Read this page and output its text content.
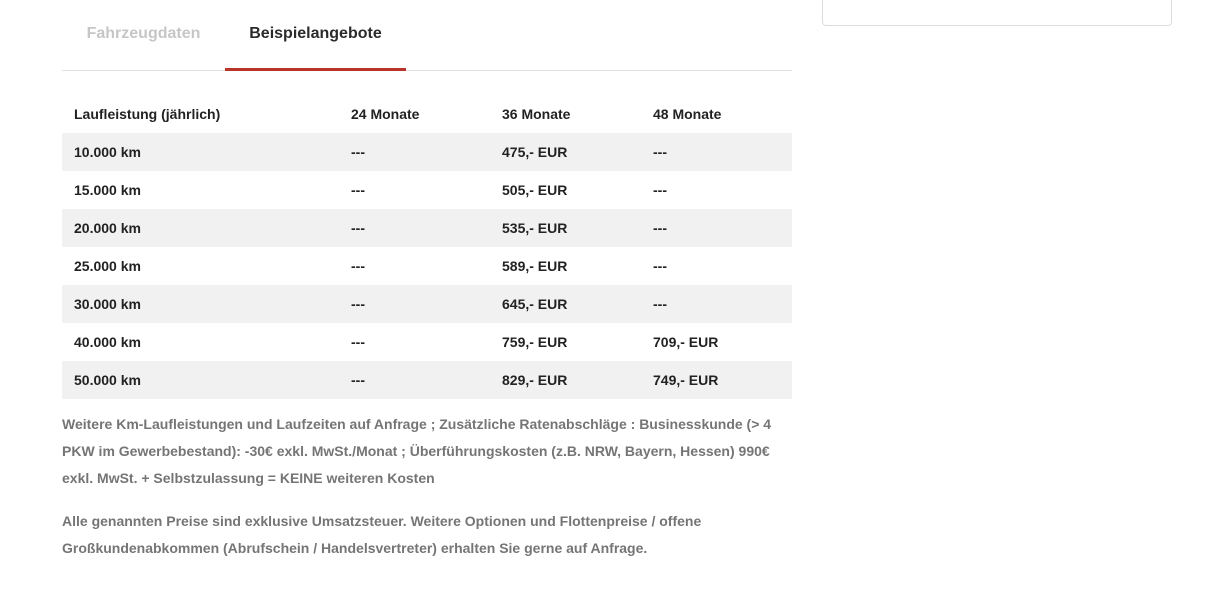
Fahrzeugdaten	Beispielangebote
Laufleistung (jährlich)	24 Monate	36 Monate	48 Monate
10.000 km	---	475,- EUR	---
15.000 km	---	505,- EUR	---
20.000 km	---	535,- EUR	---
25.000 km	---	589,- EUR	---
30.000 km	---	645,- EUR	---
40.000 km	---	759,- EUR	709,- EUR
50.000 km	---	829,- EUR	749,- EUR

Weitere Km-Laufleistungen und Laufzeiten auf Anfrage ; Zusätzliche Ratenabschläge : Businesskunde (> 4 PKW im Gewerbebestand): -30€ exkl. MwSt./Monat ; Überführungskosten (z.B. NRW, Bayern, Hessen) 990€ exkl. MwSt. + Selbstzulassung = KEINE weiteren Kosten

Alle genannten Preise sind exklusive Umsatzsteuer. Weitere Optionen und Flottenpreise / offene Großkundenabkommen (Abrufschein / Handelsvertreter) erhalten Sie gerne auf Anfrage.
